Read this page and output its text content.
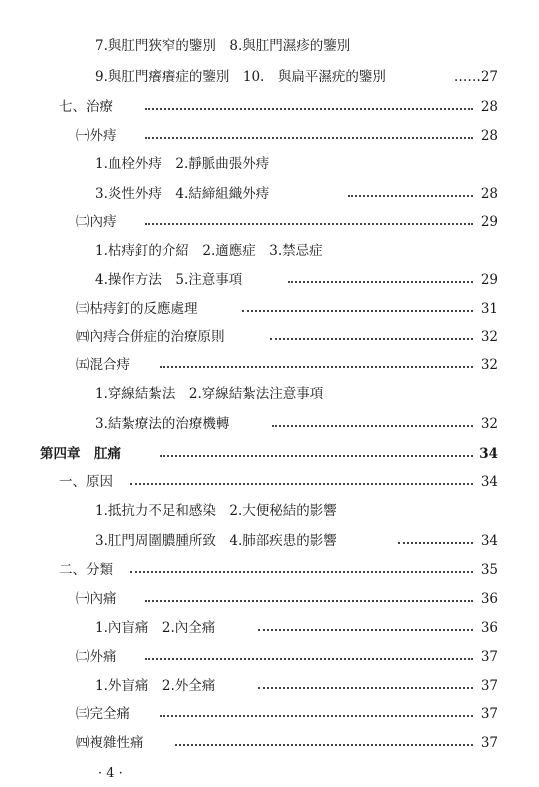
7.與肛門狹窄的鑒別　8.與肛門濕疹的鑒別
9.與肛門癢癢症的鑒別　10.　與扁平濕疣的鑒別	……27
七、治療	28
㈠外痔	28
1.血栓外痔　2.靜脈曲張外痔
3.炎性外痔　4.結締組織外痔	28
㈡內痔	29
1.枯痔釘的介紹　2.適應症　3.禁忌症
4.操作方法　5.注意事項	29
㈢枯痔釘的反應處理	31
㈣內痔合併症的治療原則	32
㈤混合痔	32
1.穿線結紮法　2.穿線結紮法注意事項
3.結紮療法的治療機轉	32
第四章　肛痛	34
一、原因	34
1.抵抗力不足和感染　2.大便秘結的影響
3.肛門周圍膿腫所致　4.肺部疾患的影響	34
二、分類	35
㈠內痛	36
1.內盲痛　2.內全痛	36
㈡外痛	37
1.外盲痛　2.外全痛	37
㈢完全痛	37
㈣複雜性痛	37
· 4 ·
